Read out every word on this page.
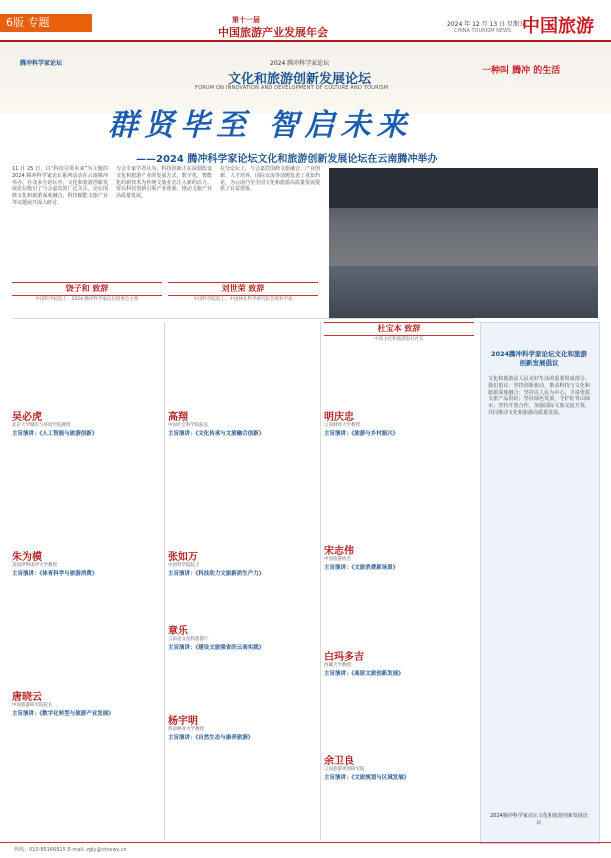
6版 专题	第十一届
中国旅游产业发展年会
2024 年 12 月 13 日 星期五
CHINA TOURISM NEWS 中国旅游
腾冲科学家论坛	2024 腾冲科学家论坛
文化和旅游创新发展论坛
FORUM ON INNOVATION AND DEVELOPMENT OF CULTURE AND TOURISM
一种叫 腾冲 的生活
群贤毕至 智启未来
——2024 腾冲科学家论坛文化和旅游创新发展论坛在云南腾冲举办
11 月 25 日，以“科技引领未来”为主题的 2024 腾冲科学家论坛系列活动在云南腾冲举办。在众多分论坛中，文化和旅游创新发展论坛吸引了与会嘉宾的广泛关注。论坛围绕文化和旅游深度融合、科技赋能文旅产业等议题展开深入研讨。
与会专家学者认为，科技创新正在深刻改变文化和旅游产业的发展方式，数字化、智能化的新技术为传统文旅业态注入新的活力。要以科技创新引领产业创新，推动文旅产业高质量发展。
在分论坛上，与会嘉宾围绕文旅融合、产业创新、人才培养、国际交流等话题发表了真知灼见，为云南乃至全国文化和旅游高质量发展提供了有益借鉴。
饶子和 致辞
中国科学院院士、2024 腾冲科学家论坛组委会主席
刘世荣 致辞
中国科学院院士、中国林业科学研究院首席科学家
杜宝本 致辞
中国文化和旅游报社社长
吴必虎
北京大学城市与环境学院教授
主旨演讲：《人工智能与旅游创新》
朱为模
美国伊利诺伊大学教授
主旨演讲：《体育科学与旅游消费》
唐晓云
中国旅游研究院院长
主旨演讲：《数字化转型与旅游产业发展》
高翔
中国社会科学院院长
主旨演讲：《文化传承与文旅融合创新》
张如万
中国科学院院士
主旨演讲：《科技助力文旅新质生产力》
章乐
云南省文化和旅游厅
主旨演讲：《建设文旅强省的云南实践》
杨宇明
西南林业大学教授
主旨演讲：《自然生态与康养旅游》
明庆忠
云南财经大学教授
主旨演讲：《旅游与乡村振兴》
宋志伟
中国旅游协会
主旨演讲：《文旅消费新场景》
白玛多吉
西藏大学教授
主旨演讲：《高原文旅创新发展》
余卫良
云南旅游规划研究院
主旨演讲：《文旅规划与区域发展》
2024腾冲科学家论坛文化和旅游创新发展倡议
文化和旅游是人民美好生活的重要组成部分。我们倡议：坚持创新驱动，推动科技与文化和旅游深度融合；坚持以人民为中心，丰富优质文旅产品供给；坚持绿色发展，守护好青山绿水；坚持开放合作，加强国际文旅交流互鉴，共同推动文化和旅游高质量发展。
2024腾冲科学家论坛文化和旅游创新发展论坛
热线：010-85166915 E-mail: zgly@ctnews.cn
